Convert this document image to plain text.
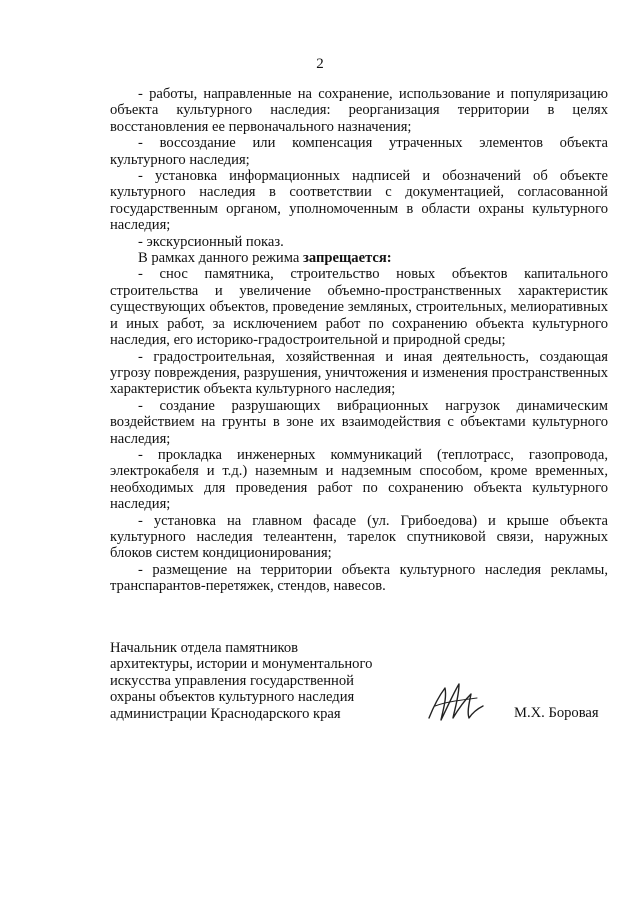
2

- работы, направленные на сохранение, использование и популяризацию объекта культурного наследия: реорганизация территории в целях восстановления ее первоначального назначения;

- воссоздание или компенсация утраченных элементов объекта культурного наследия;

- установка информационных надписей и обозначений об объекте культурного наследия в соответствии с документацией, согласованной государственным органом, уполномоченным в области охраны культурного наследия;

- экскурсионный показ.

В рамках данного режима запрещается:

- снос памятника, строительство новых объектов капитального строительства и увеличение объемно-пространственных характеристик существующих объектов, проведение земляных, строительных, мелиоративных и иных работ, за исключением работ по сохранению объекта культурного наследия, его историко-градостроительной и природной среды;

- градостроительная, хозяйственная и иная деятельность, создающая угрозу повреждения, разрушения, уничтожения и изменения пространственных характеристик объекта культурного наследия;

- создание разрушающих вибрационных нагрузок динамическим воздействием на грунты в зоне их взаимодействия с объектами культурного наследия;

- прокладка инженерных коммуникаций (теплотрасс, газопровода, электрокабеля и т.д.) наземным и надземным способом, кроме временных, необходимых для проведения работ по сохранению объекта культурного наследия;

- установка на главном фасаде (ул. Грибоедова) и крыше объекта культурного наследия телеантенн, тарелок спутниковой связи, наружных блоков систем кондиционирования;

- размещение на территории объекта культурного наследия рекламы, транспарантов-перетяжек, стендов, навесов.

Начальник отдела памятников

архитектуры, истории и монументального

искусства управления государственной

охраны объектов культурного наследия

администрации Краснодарского края	М.Х. Боровая
